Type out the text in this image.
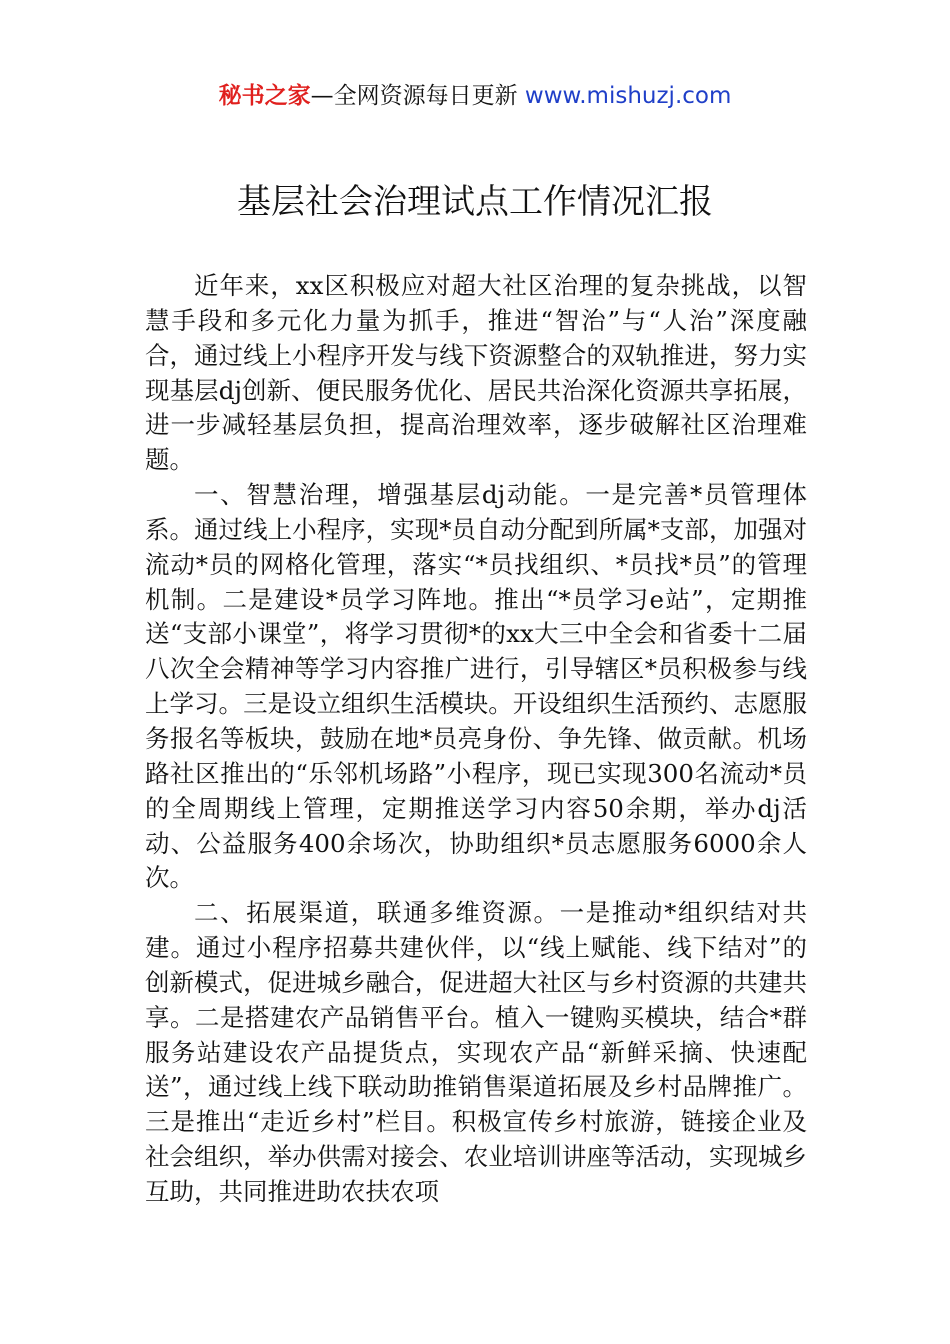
秘书之家—全网资源每日更新 www.mishuzj.com
基层社会治理试点工作情况汇报

近年来，xx区积极应对超大社区治理的复杂挑战，以智慧手段和多元化力量为抓手，推进“智治”与“人治”深度融合，通过线上小程序开发与线下资源整合的双轨推进，努力实现基层dj创新、便民服务优化、居民共治深化资源共享拓展，进一步减轻基层负担，提高治理效率，逐步破解社区治理难题。

一、智慧治理，增强基层dj动能。一是完善*员管理体系。通过线上小程序，实现*员自动分配到所属*支部，加强对流动*员的网格化管理，落实“*员找组织、*员找*员”的管理机制。二是建设*员学习阵地。推出“*员学习e站”，定期推送“支部小课堂”，将学习贯彻*的xx大三中全会和省委十二届八次全会精神等学习内容推广进行，引导辖区*员积极参与线上学习。三是设立组织生活模块。开设组织生活预约、志愿服务报名等板块，鼓励在地*员亮身份、争先锋、做贡献。机场路社区推出的“乐邻机场路”小程序，现已实现300名流动*员的全周期线上管理，定期推送学习内容50余期，举办dj活动、公益服务400余场次，协助组织*员志愿服务6000余人次。

二、拓展渠道，联通多维资源。一是推动*组织结对共建。通过小程序招募共建伙伴，以“线上赋能、线下结对”的创新模式，促进城乡融合，促进超大社区与乡村资源的共建共享。二是搭建农产品销售平台。植入一键购买模块，结合*群服务站建设农产品提货点，实现农产品“新鲜采摘、快速配送”，通过线上线下联动助推销售渠道拓展及乡村品牌推广。三是推出“走近乡村”栏目。积极宣传乡村旅游，链接企业及社会组织，举办供需对接会、农业培训讲座等活动，实现城乡互助，共同推进助农扶农项
